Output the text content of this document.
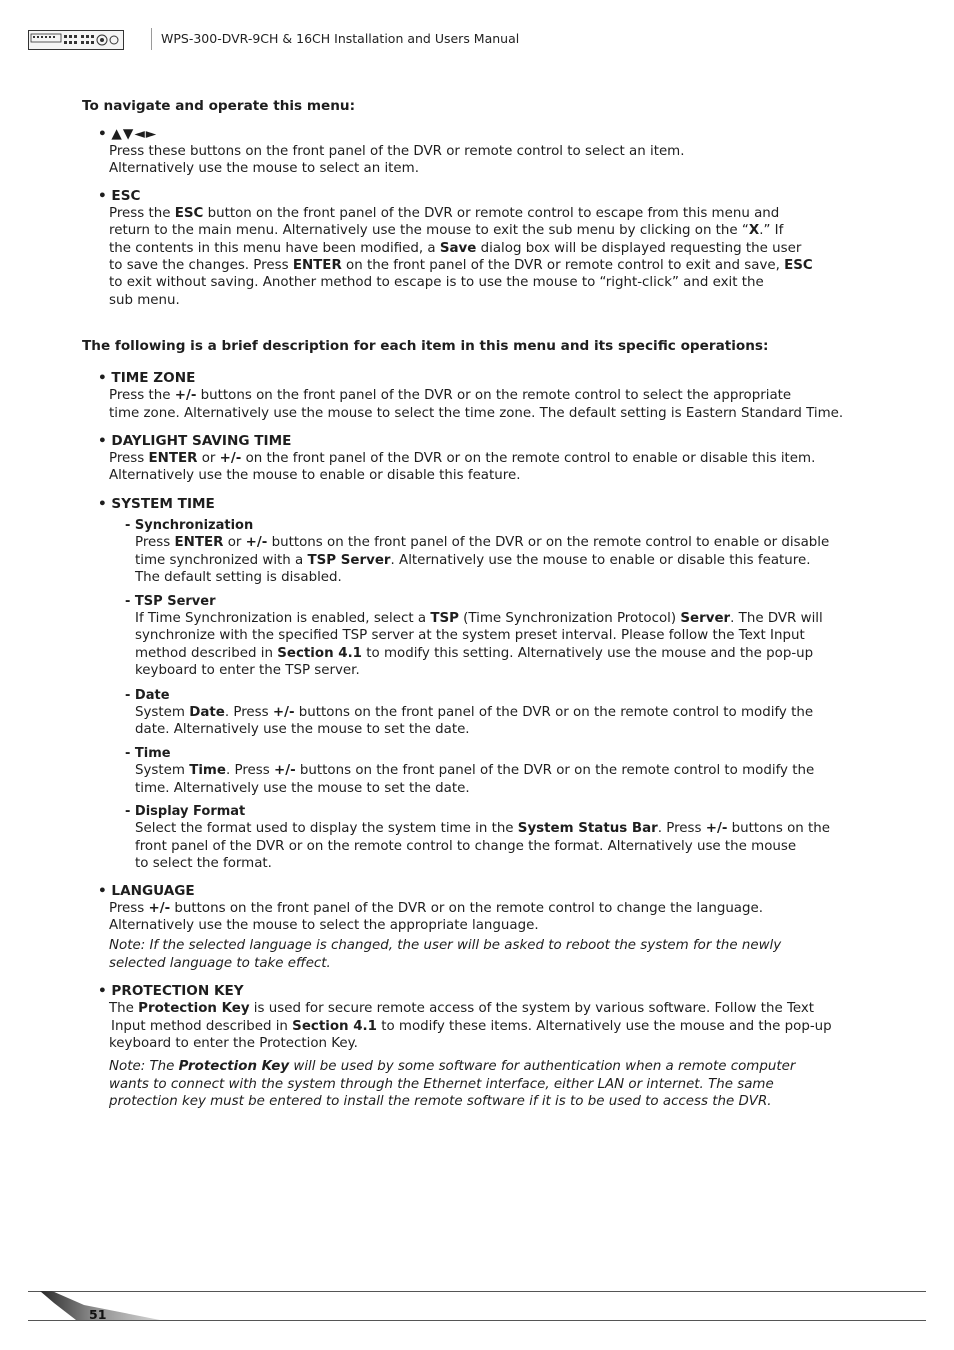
WPS-300-DVR-9CH & 16CH Installation and Users Manual
To navigate and operate this menu:
• ▲▼◄►
Press these buttons on the front panel of the DVR or remote control to select an item.
Alternatively use the mouse to select an item.
• ESC
Press the ESC button on the front panel of the DVR or remote control to escape from this menu and
return to the main menu. Alternatively use the mouse to exit the sub menu by clicking on the “X.” If
the contents in this menu have been modified, a Save dialog box will be displayed requesting the user
to save the changes. Press ENTER on the front panel of the DVR or remote control to exit and save, ESC
to exit without saving. Another method to escape is to use the mouse to “right-click” and exit the
sub menu.
The following is a brief description for each item in this menu and its specific operations:
• TIME ZONE
Press the +/- buttons on the front panel of the DVR or on the remote control to select the appropriate
time zone. Alternatively use the mouse to select the time zone. The default setting is Eastern Standard Time.
• DAYLIGHT SAVING TIME
Press ENTER or +/- on the front panel of the DVR or on the remote control to enable or disable this item.
Alternatively use the mouse to enable or disable this feature.
• SYSTEM TIME
- Synchronization
Press ENTER or +/- buttons on the front panel of the DVR or on the remote control to enable or disable
time synchronized with a TSP Server. Alternatively use the mouse to enable or disable this feature.
The default setting is disabled.
- TSP Server
If Time Synchronization is enabled, select a TSP (Time Synchronization Protocol) Server. The DVR will
synchronize with the specified TSP server at the system preset interval. Please follow the Text Input
method described in Section 4.1 to modify this setting. Alternatively use the mouse and the pop-up
keyboard to enter the TSP server.
- Date
System Date. Press +/- buttons on the front panel of the DVR or on the remote control to modify the
date. Alternatively use the mouse to set the date.
- Time
System Time. Press +/- buttons on the front panel of the DVR or on the remote control to modify the
time. Alternatively use the mouse to set the date.
- Display Format
Select the format used to display the system time in the System Status Bar. Press +/- buttons on the
front panel of the DVR or on the remote control to change the format. Alternatively use the mouse
to select the format.
• LANGUAGE
Press +/- buttons on the front panel of the DVR or on the remote control to change the language.
Alternatively use the mouse to select the appropriate language.
Note: If the selected language is changed, the user will be asked to reboot the system for the newly
selected language to take effect.
• PROTECTION KEY
The Protection Key is used for secure remote access of the system by various software. Follow the Text
Input method described in Section 4.1 to modify these items. Alternatively use the mouse and the pop-up
keyboard to enter the Protection Key.
Note: The Protection Key will be used by some software for authentication when a remote computer
wants to connect with the system through the Ethernet interface, either LAN or internet. The same
protection key must be entered to install the remote software if it is to be used to access the DVR.
51
